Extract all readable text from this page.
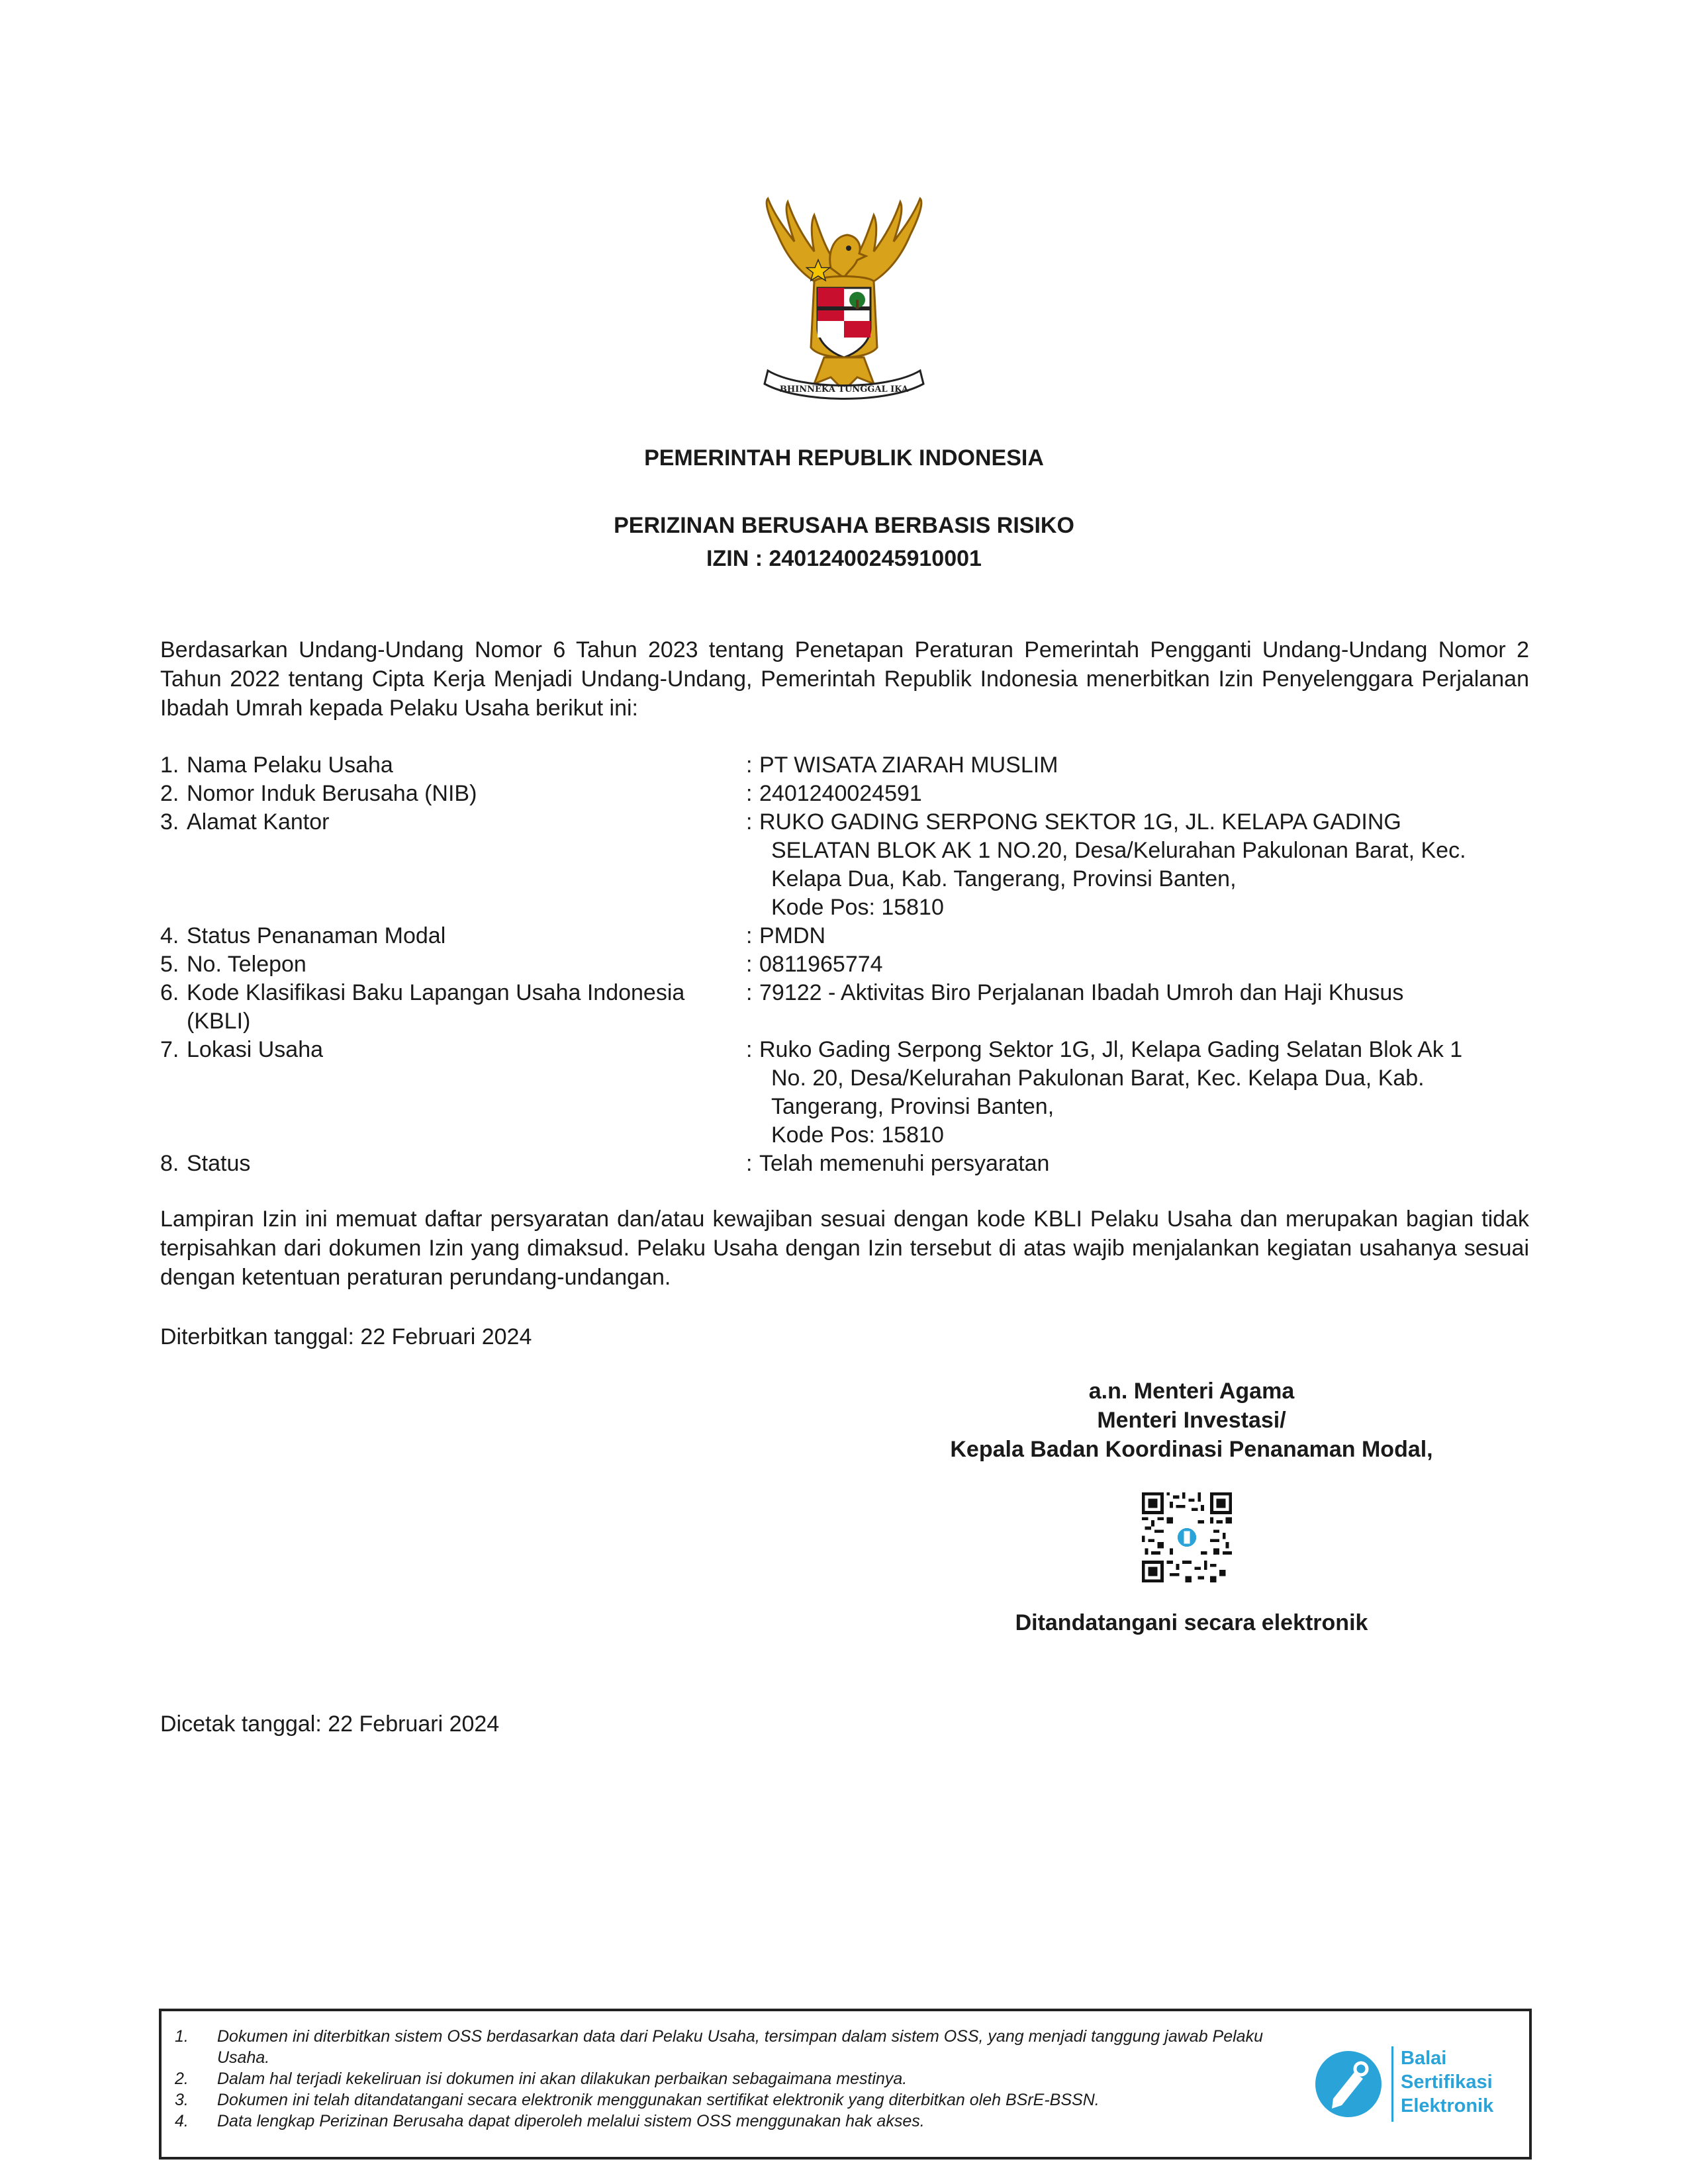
BHINNEKA TUNGGAL IKA
PEMERINTAH REPUBLIK INDONESIA
PERIZINAN BERUSAHA BERBASIS RISIKO
IZIN : 24012400245910001
Berdasarkan Undang-Undang Nomor 6 Tahun 2023 tentang Penetapan Peraturan Pemerintah Pengganti Undang-Undang Nomor 2 Tahun 2022 tentang Cipta Kerja Menjadi Undang-Undang, Pemerintah Republik Indonesia menerbitkan Izin Penyelenggara Perjalanan Ibadah Umrah kepada Pelaku Usaha berikut ini:
1. Nama Pelaku Usaha	: PT WISATA ZIARAH MUSLIM
2. Nomor Induk Berusaha (NIB)	: 2401240024591
3. Alamat Kantor	: RUKO GADING SERPONG SEKTOR 1G, JL. KELAPA GADING
SELATAN BLOK AK 1 NO.20, Desa/Kelurahan Pakulonan Barat, Kec.
Kelapa Dua, Kab. Tangerang, Provinsi Banten,
Kode Pos: 15810
4. Status Penanaman Modal	: PMDN
5. No. Telepon	: 0811965774
6. Kode Klasifikasi Baku Lapangan Usaha Indonesia
(KBLI)
: 79122 - Aktivitas Biro Perjalanan Ibadah Umroh dan Haji Khusus

7. Lokasi Usaha	: Ruko Gading Serpong Sektor 1G, Jl, Kelapa Gading Selatan Blok Ak 1
No. 20, Desa/Kelurahan Pakulonan Barat, Kec. Kelapa Dua, Kab.
Tangerang, Provinsi Banten,
Kode Pos: 15810
8. Status	: Telah memenuhi persyaratan
Lampiran Izin ini memuat daftar persyaratan dan/atau kewajiban sesuai dengan kode KBLI Pelaku Usaha dan merupakan bagian tidak terpisahkan dari dokumen Izin yang dimaksud. Pelaku Usaha dengan Izin tersebut di atas wajib menjalankan kegiatan usahanya sesuai dengan ketentuan peraturan perundang-undangan.
Diterbitkan tanggal: 22 Februari 2024
a.n. Menteri Agama
Menteri Investasi/
Kepala Badan Koordinasi Penanaman Modal,
Ditandatangani secara elektronik
Dicetak tanggal: 22 Februari 2024
1. Dokumen ini diterbitkan sistem OSS berdasarkan data dari Pelaku Usaha, tersimpan dalam sistem OSS, yang menjadi tanggung jawab Pelaku Usaha.
2. Dalam hal terjadi kekeliruan isi dokumen ini akan dilakukan perbaikan sebagaimana mestinya.
3. Dokumen ini telah ditandatangani secara elektronik menggunakan sertifikat elektronik yang diterbitkan oleh BSrE-BSSN.
4. Data lengkap Perizinan Berusaha dapat diperoleh melalui sistem OSS menggunakan hak akses.
Balai
Sertifikasi
Elektronik
